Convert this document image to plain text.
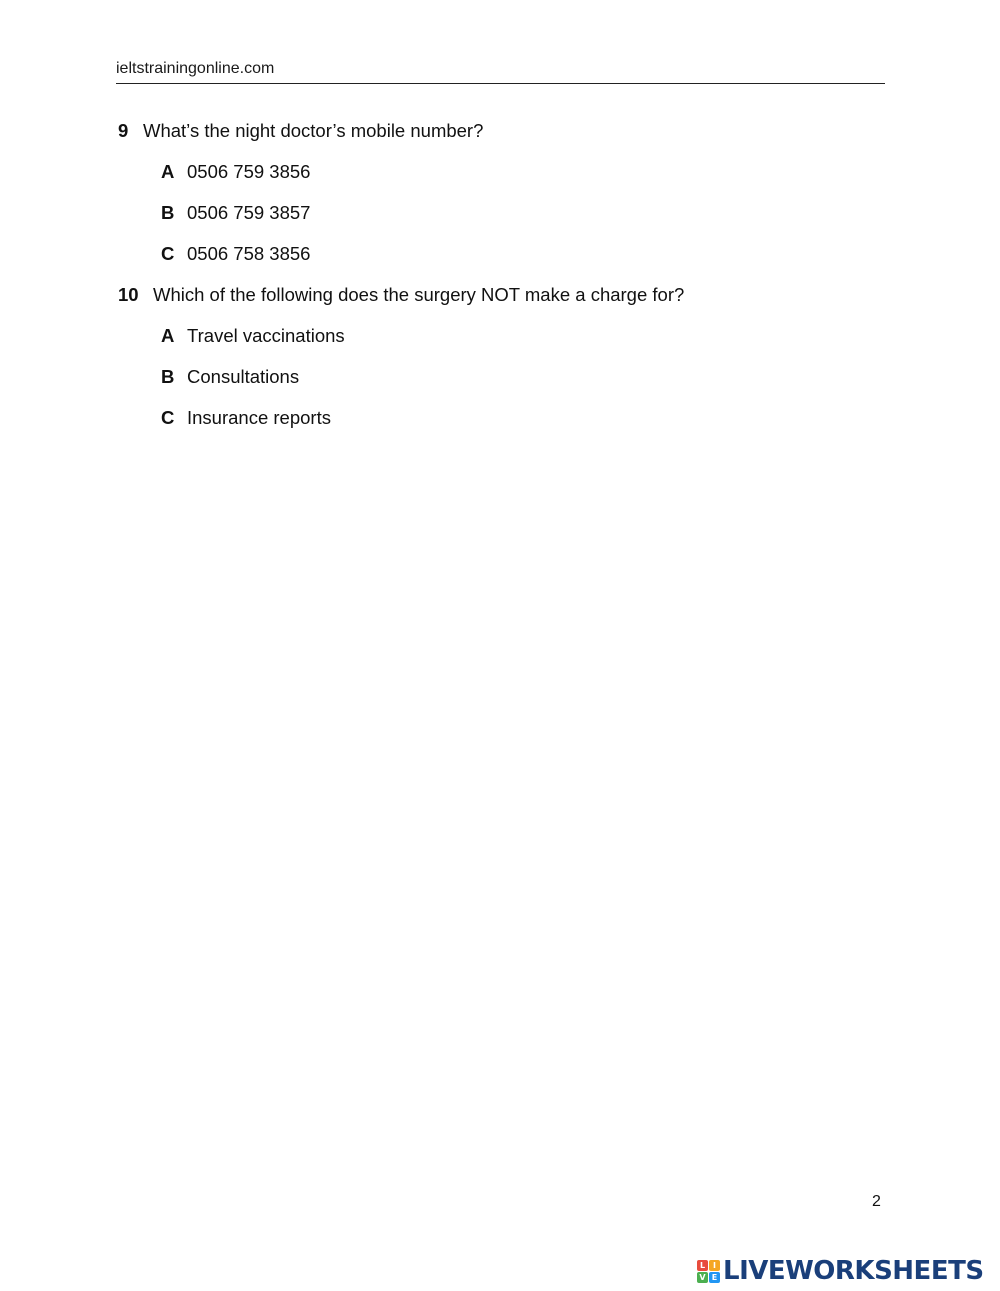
ieltstrainingonline.com
9 What’s the night doctor’s mobile number?
A 0506 759 3856
B 0506 759 3857
C 0506 758 3856
10 Which of the following does the surgery NOT make a charge for?
A Travel vaccinations
B Consultations
C Insurance reports
2
L I
V E LIVEWORKSHEETS
